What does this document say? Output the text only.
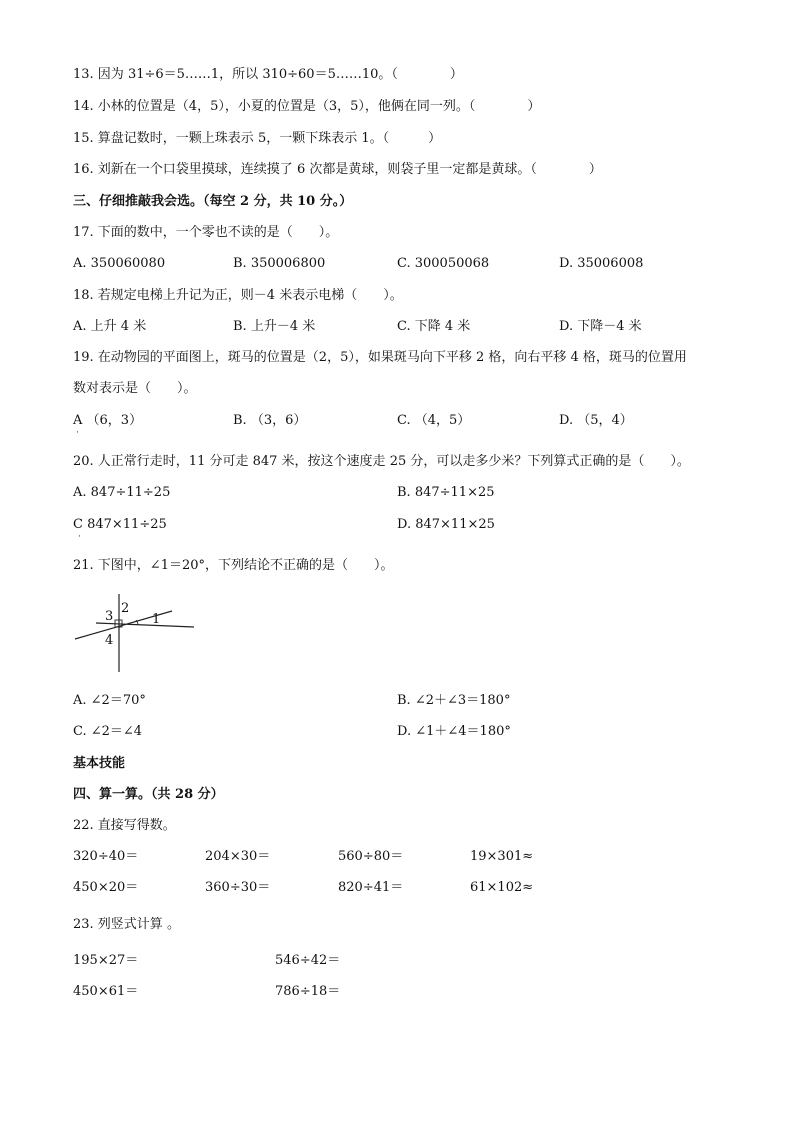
13. 因为 31÷6＝5……1，所以 310÷60＝5……10。（　　　　）
14. 小林的位置是（4，5），小夏的位置是（3，5），他俩在同一列。（　　　　）
15. 算盘记数时，一颗上珠表示 5，一颗下珠表示 1。（　　　）
16. 刘新在一个口袋里摸球，连续摸了 6 次都是黄球，则袋子里一定都是黄球。（　　　　）
三、仔细推敲我会选。（每空 2 分，共 10 分。）
17. 下面的数中，一个零也不读的是（　　）。
A. 350060080	B. 350006800	C. 300050068	D. 35006008
18. 若规定电梯上升记为正，则－4 米表示电梯（　　）。
A. 上升 4 米	B. 上升－4 米	C. 下降 4 米	D. 下降－4 米
19. 在动物园的平面图上，斑马的位置是（2，5），如果斑马向下平移 2 格，向右平移 4 格，斑马的位置用
数对表示是（　　）。
A （6，3）	B. （3，6）	C. （4，5）	D. （5，4）
·
20. 人正常行走时，11 分可走 847 米，按这个速度走 25 分，可以走多少米？下列算式正确的是（　　）。
A. 847÷11÷25	B. 847÷11×25
C 847×11÷25	D. 847×11×25
·
21. 下图中，∠1＝20°，下列结论不正确的是（　　）。
3
2
1
4
A. ∠2＝70°	B. ∠2＋∠3＝180°
C. ∠2＝∠4	D. ∠1＋∠4＝180°
基本技能
四、算一算。（共 28 分）
22. 直接写得数。
320÷40＝	204×30＝	560÷80＝	19×301≈
450×20＝	360÷30＝	820÷41＝	61×102≈
23. 列竖式计算 。
195×27＝	546÷42＝
450×61＝	786÷18＝
